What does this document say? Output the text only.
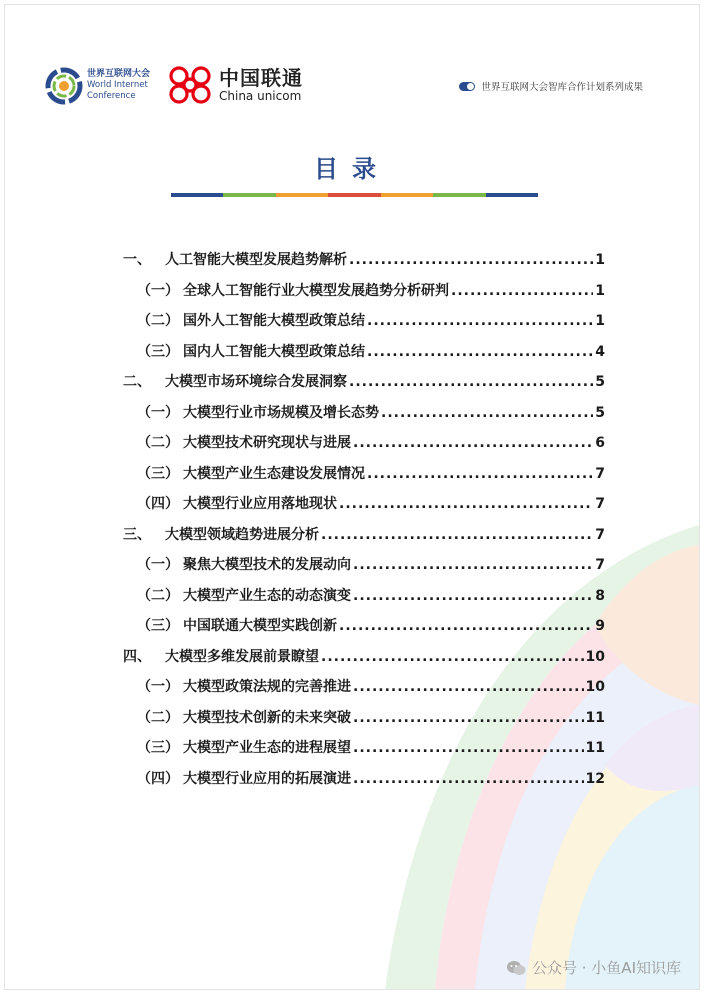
世界互联网大会
World Internet
Conference
中国联通
China unicom
世界互联网大会智库合作计划系列成果
目录
一、	人工智能大模型发展趋势解析 .....	1
（一） 全球人工智能行业大模型发展趋势分析研判 .....	1
（二） 国外人工智能大模型政策总结 .....	1
（三） 国内人工智能大模型政策总结 .....	4
二、	大模型市场环境综合发展洞察 .....	5
（一） 大模型行业市场规模及增长态势 .....	5
（二） 大模型技术研究现状与进展 .....	6
（三） 大模型产业生态建设发展情况 .....	7
（四） 大模型行业应用落地现状 .....	7
三、	大模型领域趋势进展分析 .....	7
（一） 聚焦大模型技术的发展动向 .....	7
（二） 大模型产业生态的动态演变 .....	8
（三） 中国联通大模型实践创新 .....	9
四、	大模型多维发展前景瞭望 .....	10
（一） 大模型政策法规的完善推进 .....	10
（二） 大模型技术创新的未来突破 .....	11
（三） 大模型产业生态的进程展望 .....	11
（四） 大模型行业应用的拓展演进 .....	12
公众号 · 小鱼AI知识库
